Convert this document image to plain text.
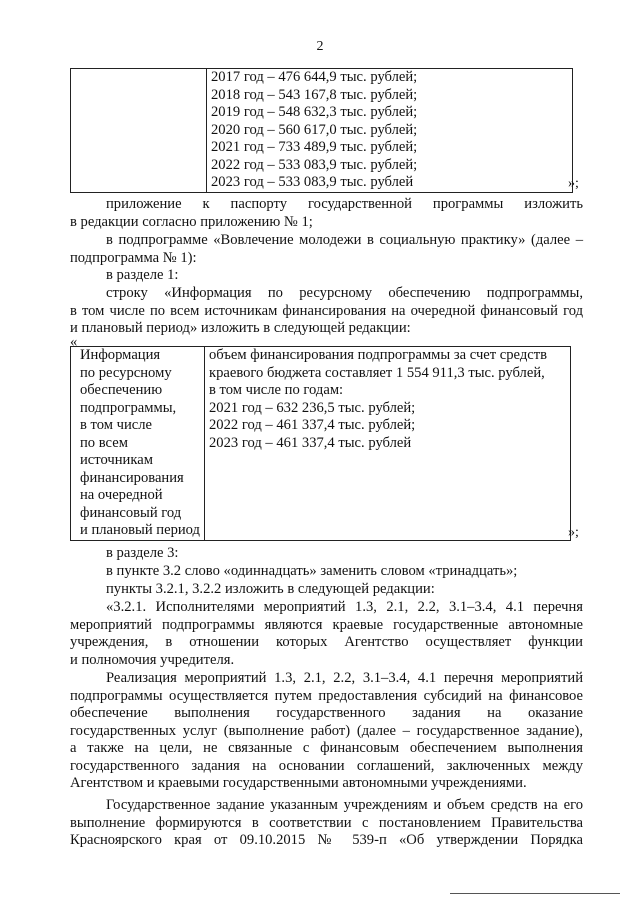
2

2017 год – 476 644,9 тыс. рублей;
2018 год – 543 167,8 тыс. рублей;
2019 год – 548 632,3 тыс. рублей;
2020 год – 560 617,0 тыс. рублей;
2021 год – 733 489,9 тыс. рублей;
2022 год – 533 083,9 тыс. рублей;
2023 год – 533 083,9 тыс. рублей	»;
приложение к паспорту государственной программы изложить
в редакции согласно приложению № 1;
в подпрограмме «Вовлечение молодежи в социальную практику» (далее –
подпрограмма № 1):
в разделе 1:
строку «Информация по ресурсному обеспечению подпрограммы,
в том числе по всем источникам финансирования на очередной финансовый год
и плановый период» изложить в следующей редакции:
«
Информация
по ресурсному
обеспечению
подпрограммы,
в том числе
по всем
источникам
финансирования
на очередной
финансовый год
и плановый период

объем финансирования подпрограммы за счет средств
краевого бюджета составляет 1 554 911,3 тыс. рублей,
в том числе по годам:
2021 год – 632 236,5 тыс. рублей;
2022 год – 461 337,4 тыс. рублей;
2023 год – 461 337,4 тыс. рублей
»;
в разделе 3:
в пункте 3.2 слово «одиннадцать» заменить словом «тринадцать»;
пункты 3.2.1, 3.2.2 изложить в следующей редакции:
«3.2.1. Исполнителями мероприятий 1.3, 2.1, 2.2, 3.1–3.4, 4.1 перечня
мероприятий подпрограммы являются краевые государственные автономные
учреждения, в отношении которых Агентство осуществляет функции
и полномочия учредителя.
Реализация мероприятий 1.3, 2.1, 2.2, 3.1–3.4, 4.1 перечня мероприятий
подпрограммы осуществляется путем предоставления субсидий на финансовое
обеспечение выполнения государственного задания на оказание
государственных услуг (выполнение работ) (далее – государственное задание),
а также на цели, не связанные с финансовым обеспечением выполнения
государственного задания на основании соглашений, заключенных между
Агентством и краевыми государственными автономными учреждениями.
Государственное задание указанным учреждениям и объем средств на его
выполнение формируются в соответствии с постановлением Правительства
Красноярского края от 09.10.2015 № 539-п «Об утверждении Порядка
